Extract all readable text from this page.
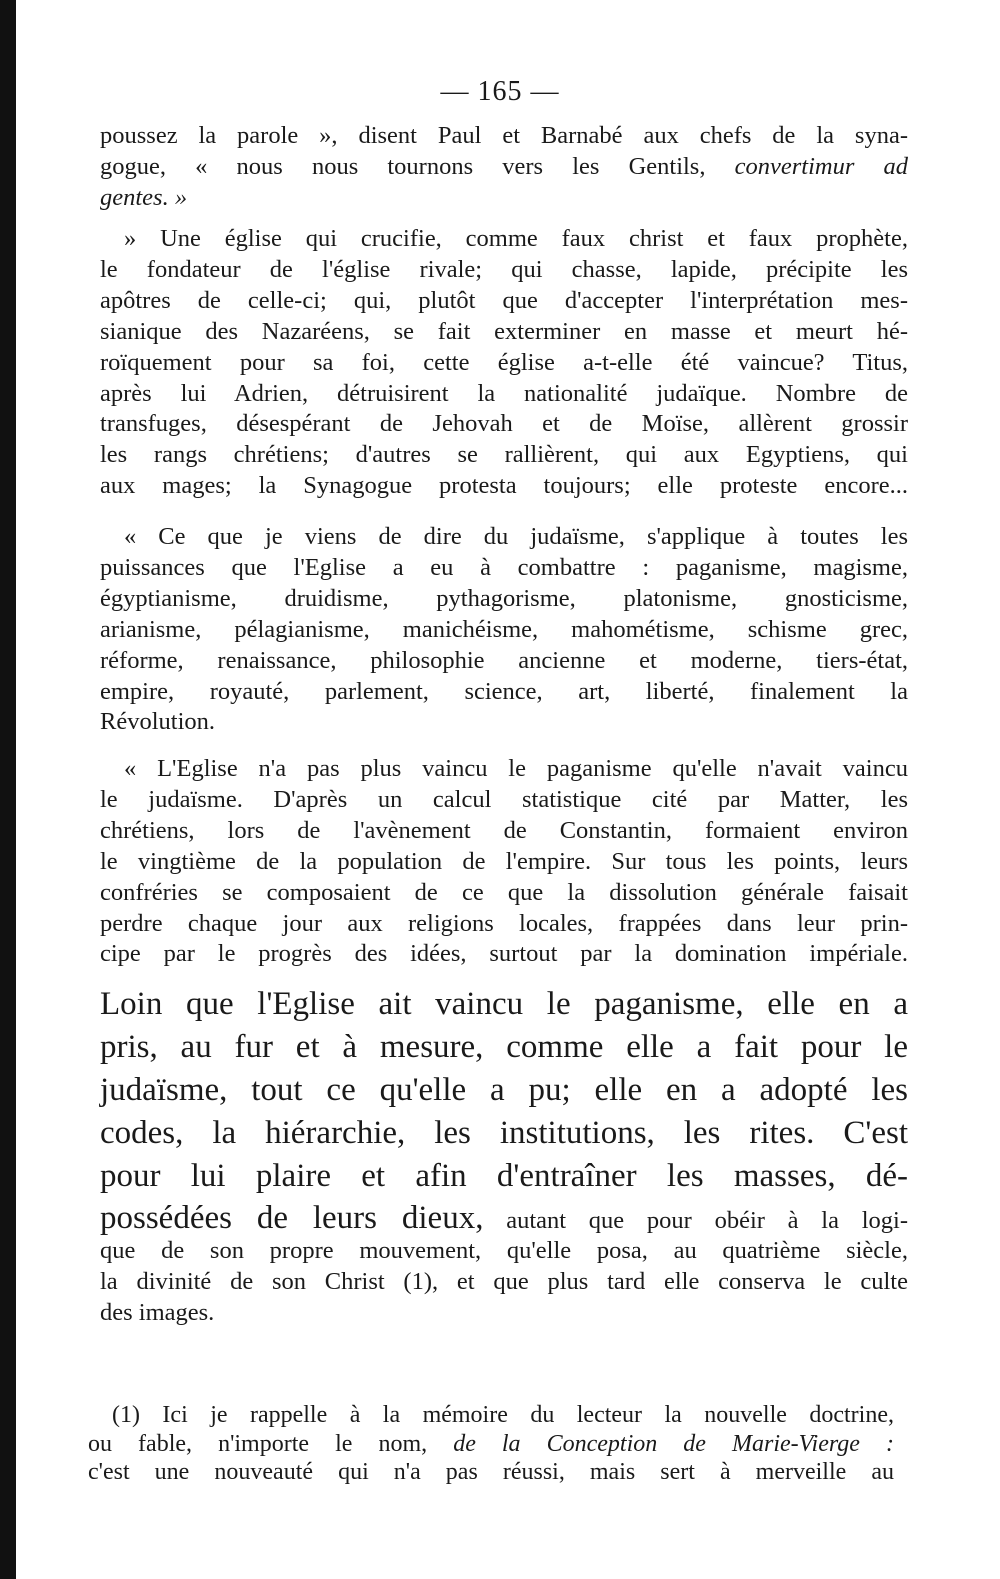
— 165 —
poussez la parole », disent Paul et Barnabé aux chefs de la syna-
gogue, « nous nous tournons vers les Gentils, convertimur ad
gentes. »
» Une église qui crucifie, comme faux christ et faux prophète,
le fondateur de l'église rivale; qui chasse, lapide, précipite les
apôtres de celle-ci; qui, plutôt que d'accepter l'interprétation mes-
sianique des Nazaréens, se fait exterminer en masse et meurt hé-
roïquement pour sa foi, cette église a-t-elle été vaincue? Titus,
après lui Adrien, détruisirent la nationalité judaïque. Nombre de
transfuges, désespérant de Jehovah et de Moïse, allèrent grossir
les rangs chrétiens; d'autres se rallièrent, qui aux Egyptiens, qui
aux mages; la Synagogue protesta toujours; elle proteste encore...
« Ce que je viens de dire du judaïsme, s'applique à toutes les
puissances que l'Eglise a eu à combattre : paganisme, magisme,
égyptianisme, druidisme, pythagorisme, platonisme, gnosticisme,
arianisme, pélagianisme, manichéisme, mahométisme, schisme grec,
réforme, renaissance, philosophie ancienne et moderne, tiers-état,
empire, royauté, parlement, science, art, liberté, finalement la
Révolution.
« L'Eglise n'a pas plus vaincu le paganisme qu'elle n'avait vaincu
le judaïsme. D'après un calcul statistique cité par Matter, les
chrétiens, lors de l'avènement de Constantin, formaient environ
le vingtième de la population de l'empire. Sur tous les points, leurs
confréries se composaient de ce que la dissolution générale faisait
perdre chaque jour aux religions locales, frappées dans leur prin-
cipe par le progrès des idées, surtout par la domination impériale.
Loin que l'Eglise ait vaincu le paganisme, elle en a
pris, au fur et à mesure, comme elle a fait pour le
judaïsme, tout ce qu'elle a pu; elle en a adopté les
codes, la hiérarchie, les institutions, les rites. C'est
pour lui plaire et afin d'entraîner les masses, dé-
possédées de leurs dieux, autant que pour obéir à la logi-
que de son propre mouvement, qu'elle posa, au quatrième siècle,
la divinité de son Christ (1), et que plus tard elle conserva le culte
des images.
(1) Ici je rappelle à la mémoire du lecteur la nouvelle doctrine,
ou fable, n'importe le nom, de la Conception de Marie-Vierge :
c'est une nouveauté qui n'a pas réussi, mais sert à merveille au
